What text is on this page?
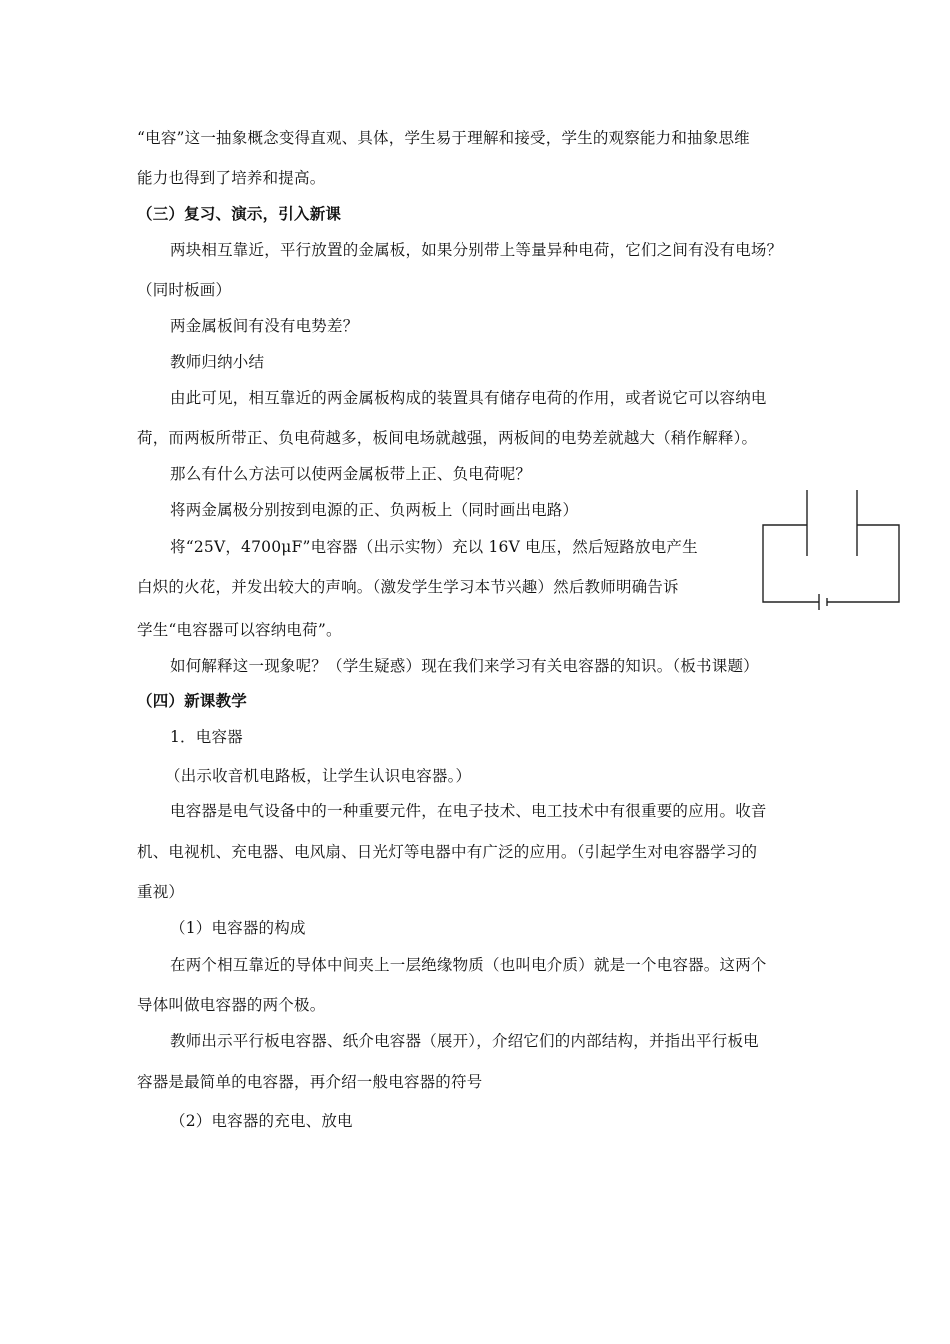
“电容”这一抽象概念变得直观、具体，学生易于理解和接受，学生的观察能力和抽象思维
能力也得到了培养和提高。
（三）复习、演示，引入新课
两块相互靠近，平行放置的金属板，如果分别带上等量异种电荷，它们之间有没有电场？
（同时板画）
两金属板间有没有电势差？
教师归纳小结
由此可见，相互靠近的两金属板构成的装置具有储存电荷的作用，或者说它可以容纳电
荷，而两板所带正、负电荷越多，板间电场就越强，两板间的电势差就越大（稍作解释）。
那么有什么方法可以使两金属板带上正、负电荷呢？
将两金属极分别按到电源的正、负两板上（同时画出电路）
将“25V，4700μF”电容器（出示实物）充以 16V 电压，然后短路放电产生
白炽的火花，并发出较大的声响。（激发学生学习本节兴趣）然后教师明确告诉
学生“电容器可以容纳电荷”。
如何解释这一现象呢？（学生疑惑）现在我们来学习有关电容器的知识。（板书课题）
（四）新课教学
1．电容器
（出示收音机电路板，让学生认识电容器。）
电容器是电气设备中的一种重要元件，在电子技术、电工技术中有很重要的应用。收音
机、电视机、充电器、电风扇、日光灯等电器中有广泛的应用。（引起学生对电容器学习的
重视）
（1）电容器的构成
在两个相互靠近的导体中间夹上一层绝缘物质（也叫电介质）就是一个电容器。这两个
导体叫做电容器的两个极。
教师出示平行板电容器、纸介电容器（展开），介绍它们的内部结构，并指出平行板电
容器是最简单的电容器，再介绍一般电容器的符号
（2）电容器的充电、放电
